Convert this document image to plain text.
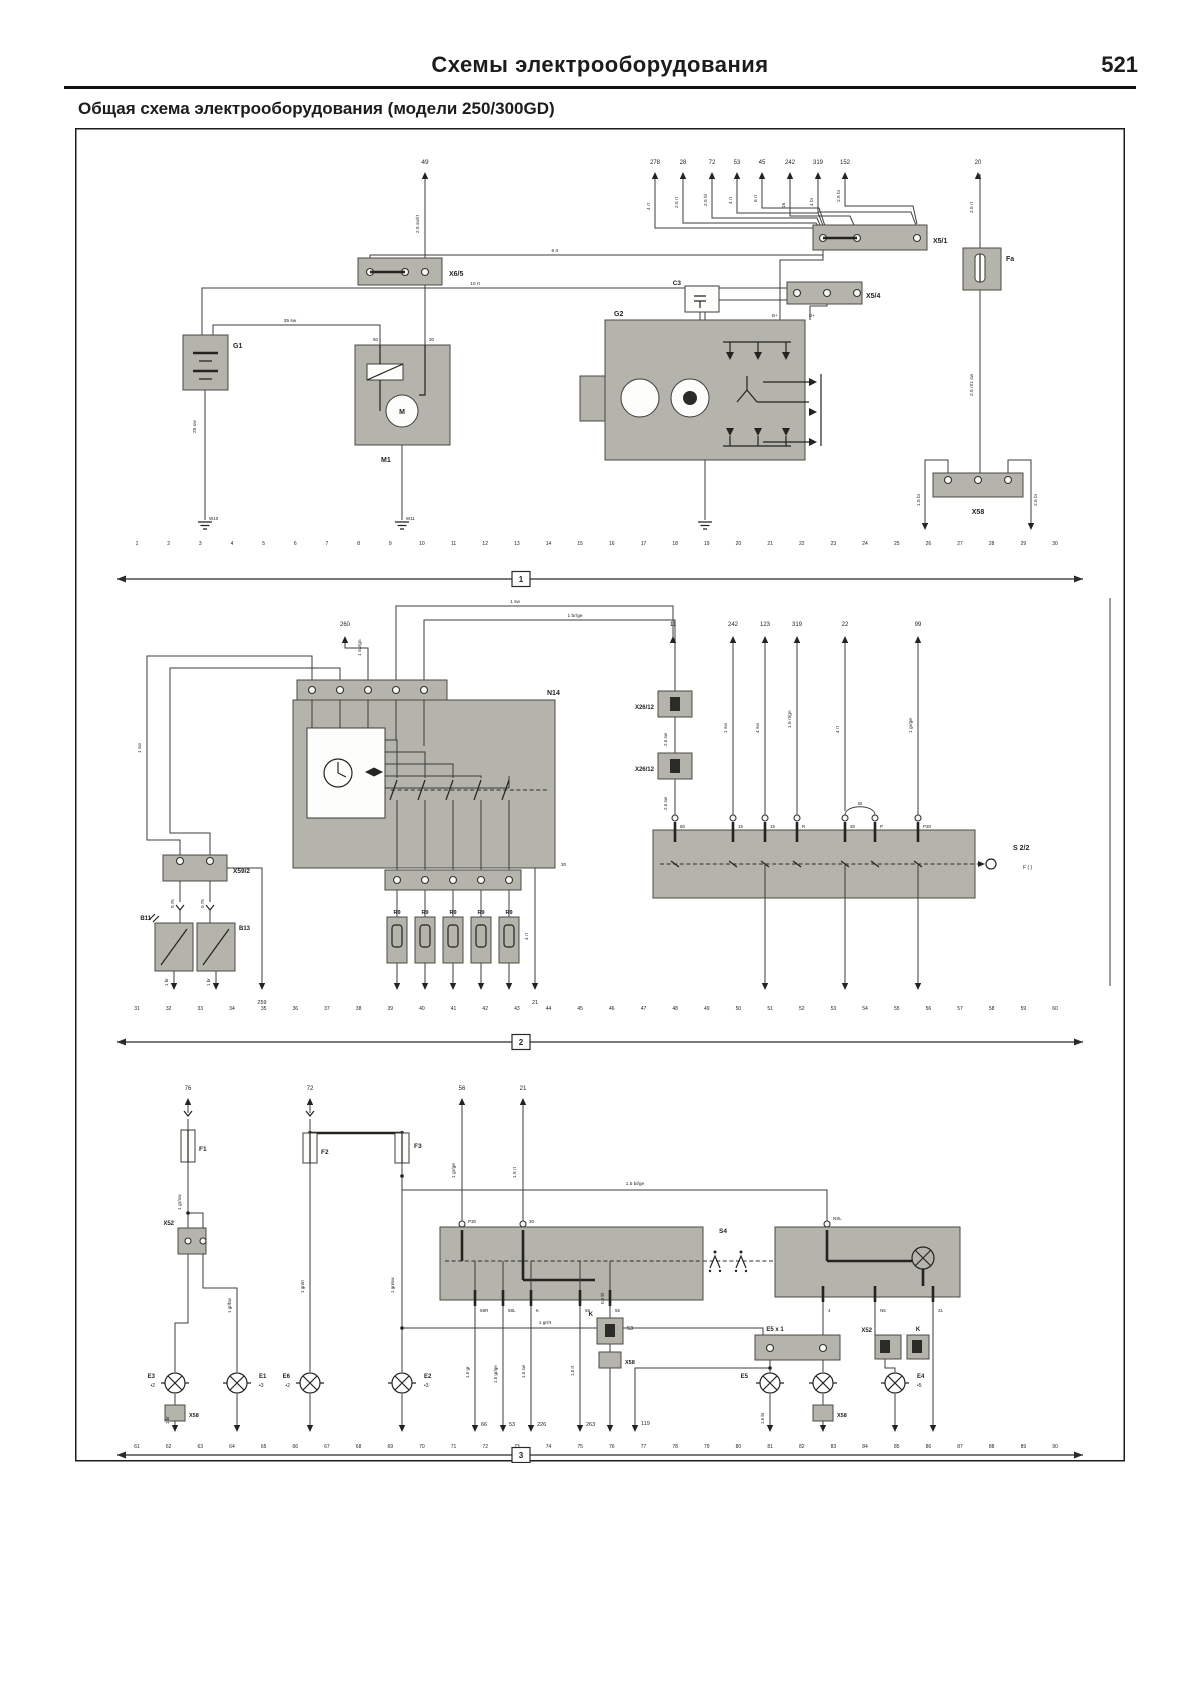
Схемы электрооборудования	521
Общая схема электрооборудования (модели 250/300GD)
1	2	3	4	5	6	7	8	9	10	11	12	13	14	15	16	17	18	19	20	21	22	23	24	25	26	27	28	29	30
31	32	33	34	35	36	37	38	39	40	41	42	43	44	45	46	47	48	49	50	51	52	53	54	55	56	57	58	59	60
61	62	63	64	65	66	67	68	69	70	71	72	74	75	76	77	78	79	80	81	82	83	84	85	86	87	88	89	90
1
2
3
49	278	28	72	53	45	242	319	152	20
4 rt	2.5 rt	2.5 bl	4 rt	6 rt
16	4 br	2.5 br
2.5 rt
2.5 sw/rt
6 rt
10 rt
35 sw
25 sw
2.5 rt/1 sw
G1
M1
M
50	30
X6/5
G2
C3
B+	D+
X5/1
X5/4
Fa
X58
W10	W11
1.5 br	2.5 br
260	11	242	123	319	22	99
1 sw
1 br/ge
1 sw/gn
1 sw
N14
30
X26/12
X26/12
2.5 sw
2.5 sw
X59/2
0.75	0.75
B11
B13
1 br	1 br
259	21
4 rt
R9	R9	R9	R9	R9
50	15	15	R	30	P	P30
tst
S 2/2
F ( )
1 sw	4 sw
1.5 rt/gn
4 rt	1 gr/ge
76	72	56	21
1 gr/ge	1.5 rt
F1	F2
F3
1.5 bl/ge
1 gr/rt
P30	30
NSL
S4
58R	58L	K	56	55	4	N5	31
E5 x 1	X52	K
X52
K
53
X58
X58
X58
E3
•2
E1
•3
E6
•2
E2
•3
E5	E4
•5
66	53	226	263	119
1.5 gr	1.5 gr/ge	1.5 sw	1.5 rt
1 gr/sw
1 gr/bw
1 gn/rt	1 gn/sw
1 br	1.5 br
0.5 bl
